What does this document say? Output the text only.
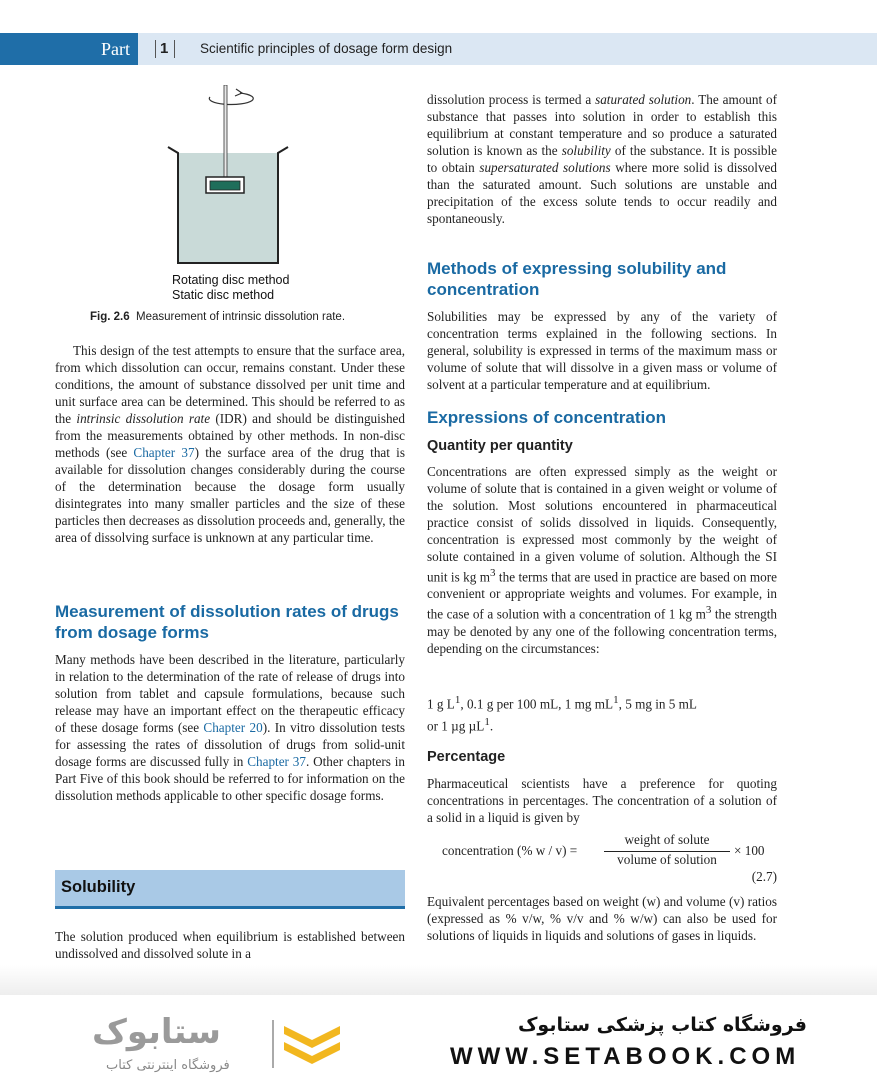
Part 1 Scientific principles of dosage form design
Rotating disc method
Static disc method
Fig. 2.6 Measurement of intrinsic dissolution rate.

This design of the test attempts to ensure that the surface area, from which dissolution can occur, remains constant. Under these conditions, the amount of substance dissolved per unit time and unit surface area can be determined. This should be referred to as the intrinsic dissolution rate (IDR) and should be distinguished from the measurements obtained by other methods. In non-disc methods (see Chapter 37) the surface area of the drug that is available for dissolution changes considerably during the course of the determination because the dosage form usually disintegrates into many smaller particles and the size of these particles then decreases as dissolution proceeds and, generally, the area of dissolving surface is unknown at any particular time.

Measurement of dissolution rates of drugs from dosage forms

Many methods have been described in the literature, particularly in relation to the determination of the rate of release of drugs into solution from tablet and capsule formulations, because such release may have an important effect on the therapeutic efficacy of these dosage forms (see Chapter 20). In vitro dissolution tests for assessing the rates of dissolution of drugs from solid-unit dosage forms are discussed fully in Chapter 37. Other chapters in Part Five of this book should be referred to for information on the dissolution methods applicable to other specific dosage forms.

Solubility

The solution produced when equilibrium is established between undissolved and dissolved solute in a

dissolution process is termed a saturated solution. The amount of substance that passes into solution in order to establish this equilibrium at constant temperature and so produce a saturated solution is known as the solubility of the substance. It is possible to obtain supersaturated solutions where more solid is dissolved than the saturated amount. Such solutions are unstable and precipitation of the excess solute tends to occur readily and spontaneously.

Methods of expressing solubility and concentration

Solubilities may be expressed by any of the variety of concentration terms explained in the following sections. In general, solubility is expressed in terms of the maximum mass or volume of solute that will dissolve in a given mass or volume of solvent at a particular temperature and at equilibrium.

Expressions of concentration
Quantity per quantity

Concentrations are often expressed simply as the weight or volume of solute that is contained in a given weight or volume of the solution. Most solutions encountered in pharmaceutical practice consist of solids dissolved in liquids. Consequently, concentration is expressed most commonly by the weight of solute contained in a given volume of solution. Although the SI unit is kg $m^3$ the terms that are used in practice are based on more convenient or appropriate weights and volumes. For example, in the case of a solution with a concentration of 1 kg $m^3$ the strength may be denoted by any one of the following concentration terms, depending on the circumstances:

1 g $L^1$, 0.1 g per 100 mL, 1 mg $mL^1$, 5 mg in 5 mL

or 1 µg µL$^1$.

Percentage

Pharmaceutical scientists have a preference for quoting concentrations in percentages. The concentration of a solution of a solid in a liquid is given by

concentration (% w / v) =
weight of solute
volume of solution
× 100
(2.7)

Equivalent percentages based on weight (w) and volume (v) ratios (expressed as % v/w, % v/v and % w/w) can also be used for solutions of liquids in liquids and solutions of gases in liquids.

ستابوک
فروشگاه اینترنتی کتاب
فروشگاه کتاب پزشکی ستابوک
WWW.SETABOOK.COM
